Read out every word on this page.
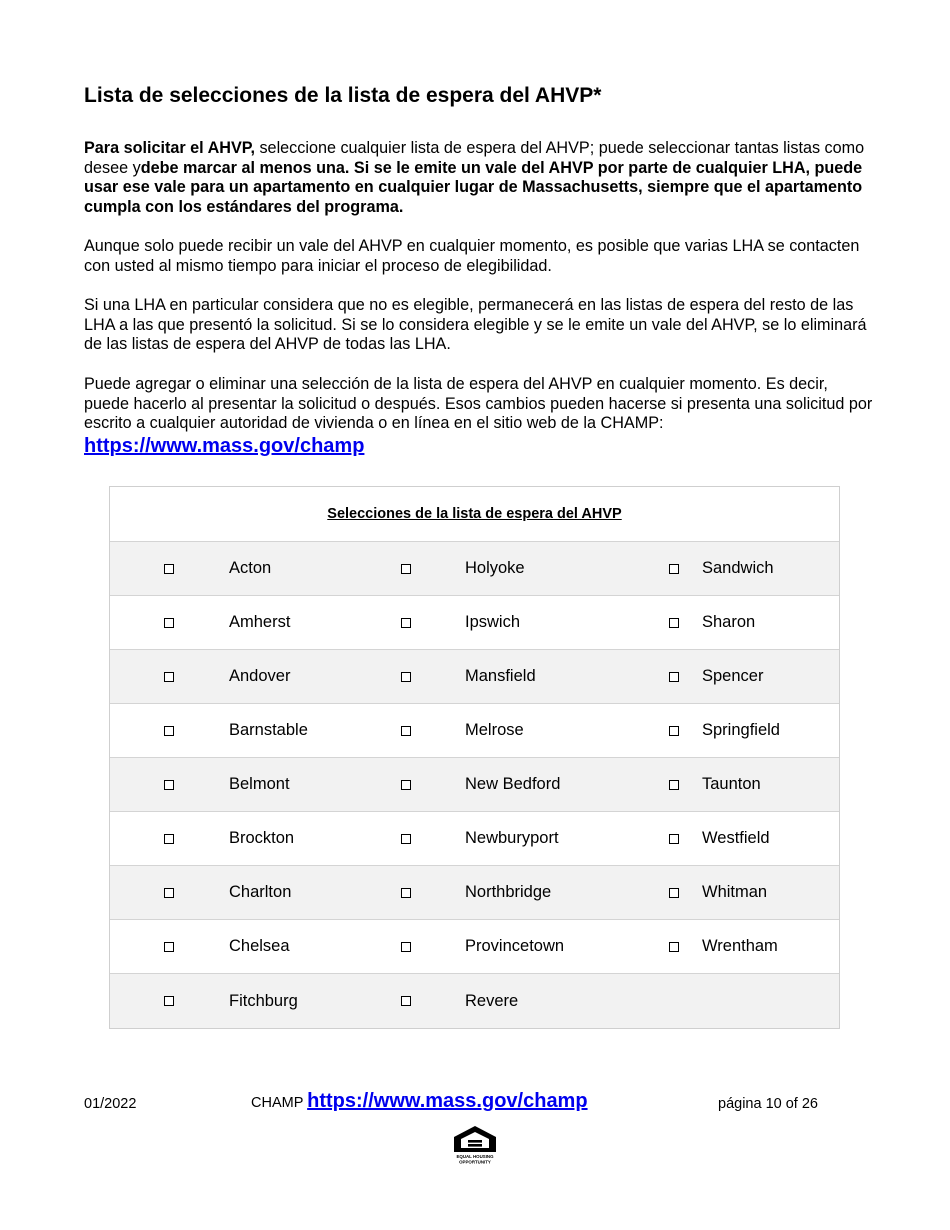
Lista de selecciones de la lista de espera del AHVP*

Para solicitar el AHVP, seleccione cualquier lista de espera del AHVP; puede seleccionar tantas listas como desee ydebe marcar al menos una. Si se le emite un vale del AHVP por parte de cualquier LHA, puede usar ese vale para un apartamento en cualquier lugar de Massachusetts, siempre que el apartamento cumpla con los estándares del programa.

Aunque solo puede recibir un vale del AHVP en cualquier momento, es posible que varias LHA se contacten con usted al mismo tiempo para iniciar el proceso de elegibilidad.

Si una LHA en particular considera que no es elegible, permanecerá en las listas de espera del resto de las LHA a las que presentó la solicitud. Si se lo considera elegible y se le emite un vale del AHVP, se lo eliminará de las listas de espera del AHVP de todas las LHA.

Puede agregar o eliminar una selección de la lista de espera del AHVP en cualquier momento. Es decir, puede hacerlo al presentar la solicitud o después. Esos cambios pueden hacerse si presenta una solicitud por escrito a cualquier autoridad de vivienda o en línea en el sitio web de la CHAMP:
https://www.mass.gov/champ

Selecciones de la lista de espera del AHVP
Acton	Holyoke	Sandwich
Amherst	Ipswich	Sharon
Andover	Mansfield	Spencer
Barnstable	Melrose	Springfield
Belmont	New Bedford	Taunton
Brockton	Newburyport	Westfield
Charlton	Northbridge	Whitman
Chelsea	Provincetown	Wrentham
Fitchburg	Revere
01/2022	CHAMP https://www.mass.gov/champ	página 10 of 26
EQUAL HOUSING
OPPORTUNITY
